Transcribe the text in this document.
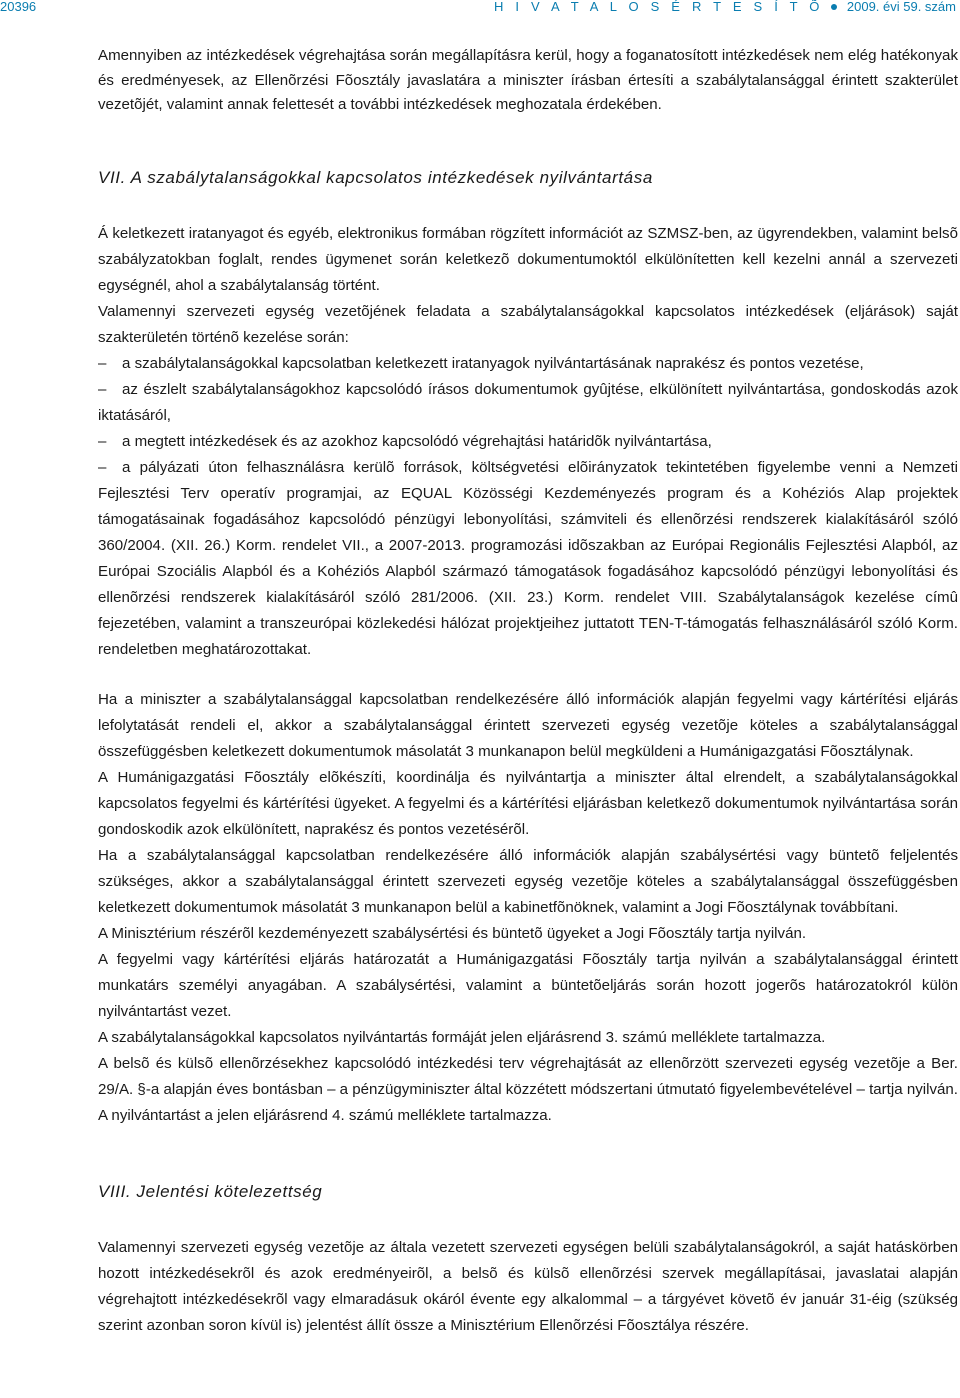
20396	H I V A T A L O S É R T E S Í T Õ 2009. évi 59. szám

Amennyiben az intézkedések végrehajtása során megállapításra kerül, hogy a foganatosított intézkedések nem elég hatékonyak és eredményesek, az Ellenõrzési Fõosztály javaslatára a miniszter írásban értesíti a szabálytalansággal érintett szakterület vezetõjét, valamint annak felettesét a további intézkedések meghozatala érdekében.

VII. A szabálytalanságokkal kapcsolatos intézkedések nyilvántartása

Á keletkezett iratanyagot és egyéb, elektronikus formában rögzített információt az SZMSZ-ben, az ügyrendekben, valamint belsõ szabályzatokban foglalt, rendes ügymenet során keletkezõ dokumentumoktól elkülönítetten kell kezelni annál a szervezeti egységnél, ahol a szabálytalanság történt.

Valamennyi szervezeti egység vezetõjének feladata a szabálytalanságokkal kapcsolatos intézkedések (eljárások) saját szakterületén történõ kezelése során:

–	a szabálytalanságokkal kapcsolatban keletkezett iratanyagok nyilvántartásának naprakész és pontos vezetése,
– az észlelt szabálytalanságokhoz kapcsolódó írásos dokumentumok gyûjtése, elkülönített nyilvántartása, gondoskodás azok iktatásáról,
–	a megtett intézkedések és az azokhoz kapcsolódó végrehajtási határidõk nyilvántartása,
– a pályázati úton felhasználásra kerülõ források, költségvetési elõirányzatok tekintetében figyelembe venni a Nemzeti Fejlesztési Terv operatív programjai, az EQUAL Közösségi Kezdeményezés program és a Kohéziós Alap projektek támogatásainak fogadásához kapcsolódó pénzügyi lebonyolítási, számviteli és ellenõrzési rendszerek kialakításáról szóló 360/2004. (XII. 26.) Korm. rendelet VII., a 2007-2013. programozási idõszakban az Európai Regionális Fejlesztési Alapból, az Európai Szociális Alapból és a Kohéziós Alapból származó támogatások fogadásához kapcsolódó pénzügyi lebonyolítási és ellenõrzési rendszerek kialakításáról szóló 281/2006. (XII. 23.) Korm. rendelet VIII. Szabálytalanságok kezelése címû fejezetében, valamint a transzeurópai közlekedési hálózat projektjeihez juttatott TEN-T-támogatás felhasználásáról szóló Korm. rendeletben meghatározottakat.

Ha a miniszter a szabálytalansággal kapcsolatban rendelkezésére álló információk alapján fegyelmi vagy kártérítési eljárás lefolytatását rendeli el, akkor a szabálytalansággal érintett szervezeti egység vezetõje köteles a szabálytalansággal összefüggésben keletkezett dokumentumok másolatát 3 munkanapon belül megküldeni a Humánigazgatási Fõosztálynak.

A Humánigazgatási Fõosztály elõkészíti, koordinálja és nyilvántartja a miniszter által elrendelt, a szabálytalanságokkal kapcsolatos fegyelmi és kártérítési ügyeket. A fegyelmi és a kártérítési eljárásban keletkezõ dokumentumok nyilvántartása során gondoskodik azok elkülönített, naprakész és pontos vezetésérõl.

Ha a szabálytalansággal kapcsolatban rendelkezésére álló információk alapján szabálysértési vagy büntetõ feljelentés szükséges, akkor a szabálytalansággal érintett szervezeti egység vezetõje köteles a szabálytalansággal összefüggésben keletkezett dokumentumok másolatát 3 munkanapon belül a kabinetfõnöknek, valamint a Jogi Fõosztálynak továbbítani.

A Minisztérium részérõl kezdeményezett szabálysértési és büntetõ ügyeket a Jogi Fõosztály tartja nyilván.

A fegyelmi vagy kártérítési eljárás határozatát a Humánigazgatási Fõosztály tartja nyilván a szabálytalansággal érintett munkatárs személyi anyagában. A szabálysértési, valamint a büntetõeljárás során hozott jogerõs határozatokról külön nyilvántartást vezet.

A szabálytalanságokkal kapcsolatos nyilvántartás formáját jelen eljárásrend 3. számú melléklete tartalmazza.

A belsõ és külsõ ellenõrzésekhez kapcsolódó intézkedési terv végrehajtását az ellenõrzött szervezeti egység vezetõje a Ber. 29/A. §-a alapján éves bontásban – a pénzügyminiszter által közzétett módszertani útmutató figyelembevételével – tartja nyilván. A nyilvántartást a jelen eljárásrend 4. számú melléklete tartalmazza.

VIII. Jelentési kötelezettség

Valamennyi szervezeti egység vezetõje az általa vezetett szervezeti egységen belüli szabálytalanságokról, a saját hatáskörben hozott intézkedésekrõl és azok eredményeirõl, a belsõ és külsõ ellenõrzési szervek megállapításai, javaslatai alapján végrehajtott intézkedésekrõl vagy elmaradásuk okáról évente egy alkalommal – a tárgyévet követõ év január 31-éig (szükség szerint azonban soron kívül is) jelentést állít össze a Minisztérium Ellenõrzési Fõosztálya részére.
